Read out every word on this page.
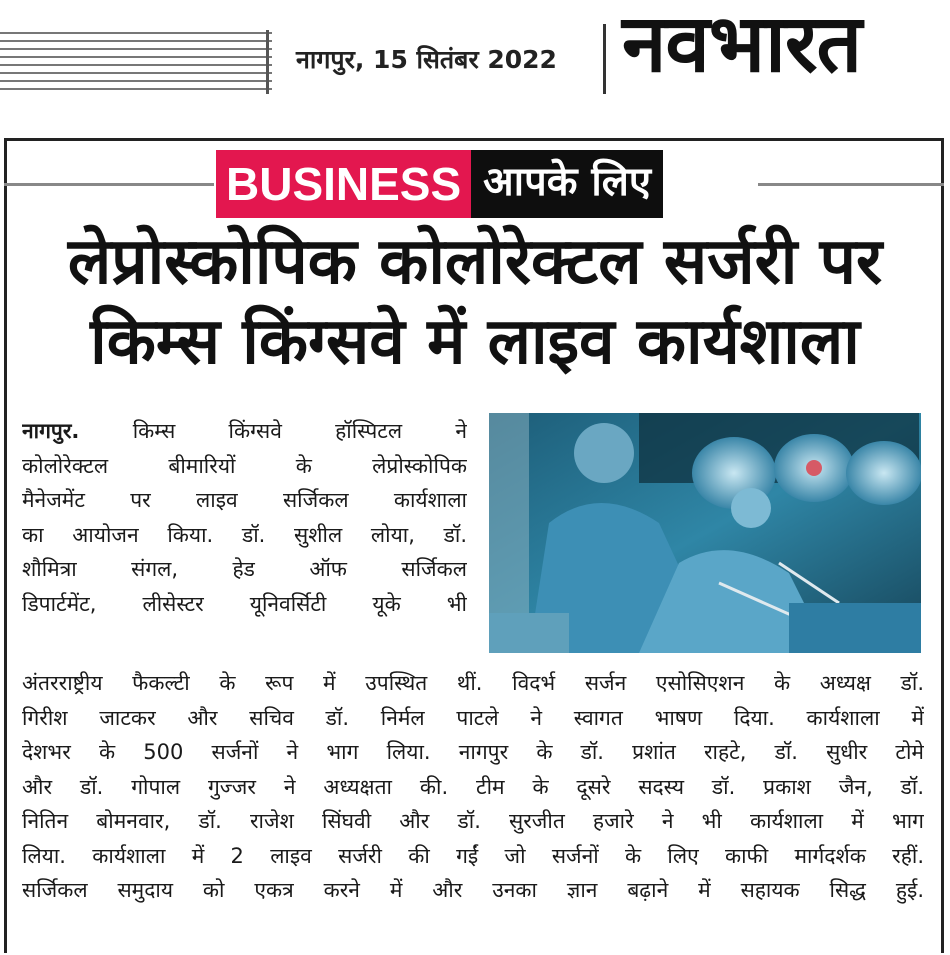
नागपुर, 15 सितंबर 2022 नवभारत
BUSINESS आपके लिए
लेप्रोस्कोपिक कोलोरेक्टल सर्जरी पर
किम्स किंग्सवे में लाइव कार्यशाला
नागपुर.	किम्स किंग्सवे हॉस्पिटल ने
कोलोरेक्टल बीमारियों के लेप्रोस्कोपिक
मैनेजमेंट पर लाइव सर्जिकल कार्यशाला
का आयोजन किया. डॉ. सुशील लोया, डॉ.
शौमित्रा संगल, हेड ऑफ सर्जिकल
डिपार्टमेंट, लीसेस्टर यूनिवर्सिटी यूके भी
अंतरराष्ट्रीय फैकल्टी के रूप में उपस्थित थीं. विदर्भ सर्जन एसोसिएशन के अध्यक्ष डॉ.
गिरीश जाटकर और सचिव डॉ. निर्मल पाटले ने स्वागत भाषण दिया. कार्यशाला में
देशभर के 500 सर्जनों ने भाग लिया. नागपुर के डॉ. प्रशांत राहटे, डॉ. सुधीर टोमे
और डॉ. गोपाल गुज्जर ने अध्यक्षता की. टीम के दूसरे सदस्य डॉ. प्रकाश जैन, डॉ.
नितिन बोमनवार, डॉ. राजेश सिंघवी और डॉ. सुरजीत हजारे ने भी कार्यशाला में भाग
लिया. कार्यशाला में 2 लाइव सर्जरी की गईं जो सर्जनों के लिए काफी मार्गदर्शक रहीं.
सर्जिकल समुदाय को एकत्र करने में और उनका ज्ञान बढ़ाने में सहायक सिद्ध हुई.
